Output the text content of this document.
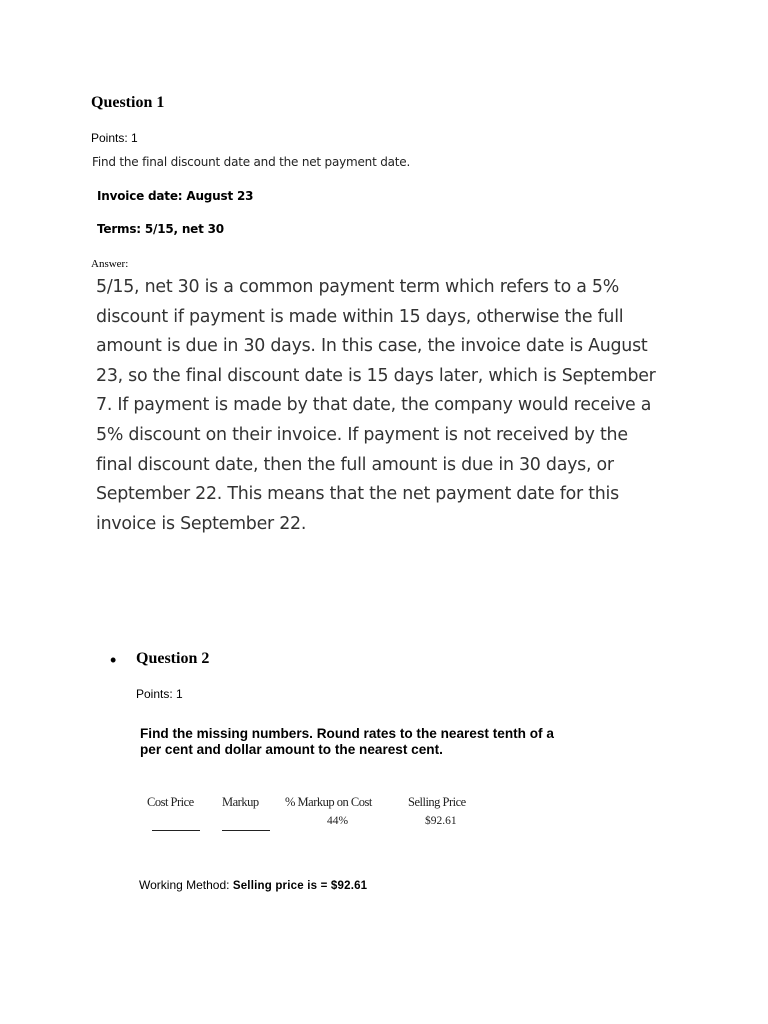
Question 1
Points: 1
Find the final discount date and the net payment date.
Invoice date: August 23
Terms: 5/15, net 30
Answer:
5/15, net 30 is a common payment term which refers to a 5% discount if payment is made within 15 days, otherwise the full amount is due in 30 days. In this case, the invoice date is August 23, so the final discount date is 15 days later, which is September 7. If payment is made by that date, the company would receive a 5% discount on their invoice. If payment is not received by the final discount date, then the full amount is due in 30 days, or September 22. This means that the net payment date for this invoice is September 22.
• Question 2
Points: 1
Find the missing numbers. Round rates to the nearest tenth of a per cent and dollar amount to the nearest cent.
Cost Price Markup % Markup on Cost	Selling Price
44%	$92.61
Working Method: Selling price is = $92.61
